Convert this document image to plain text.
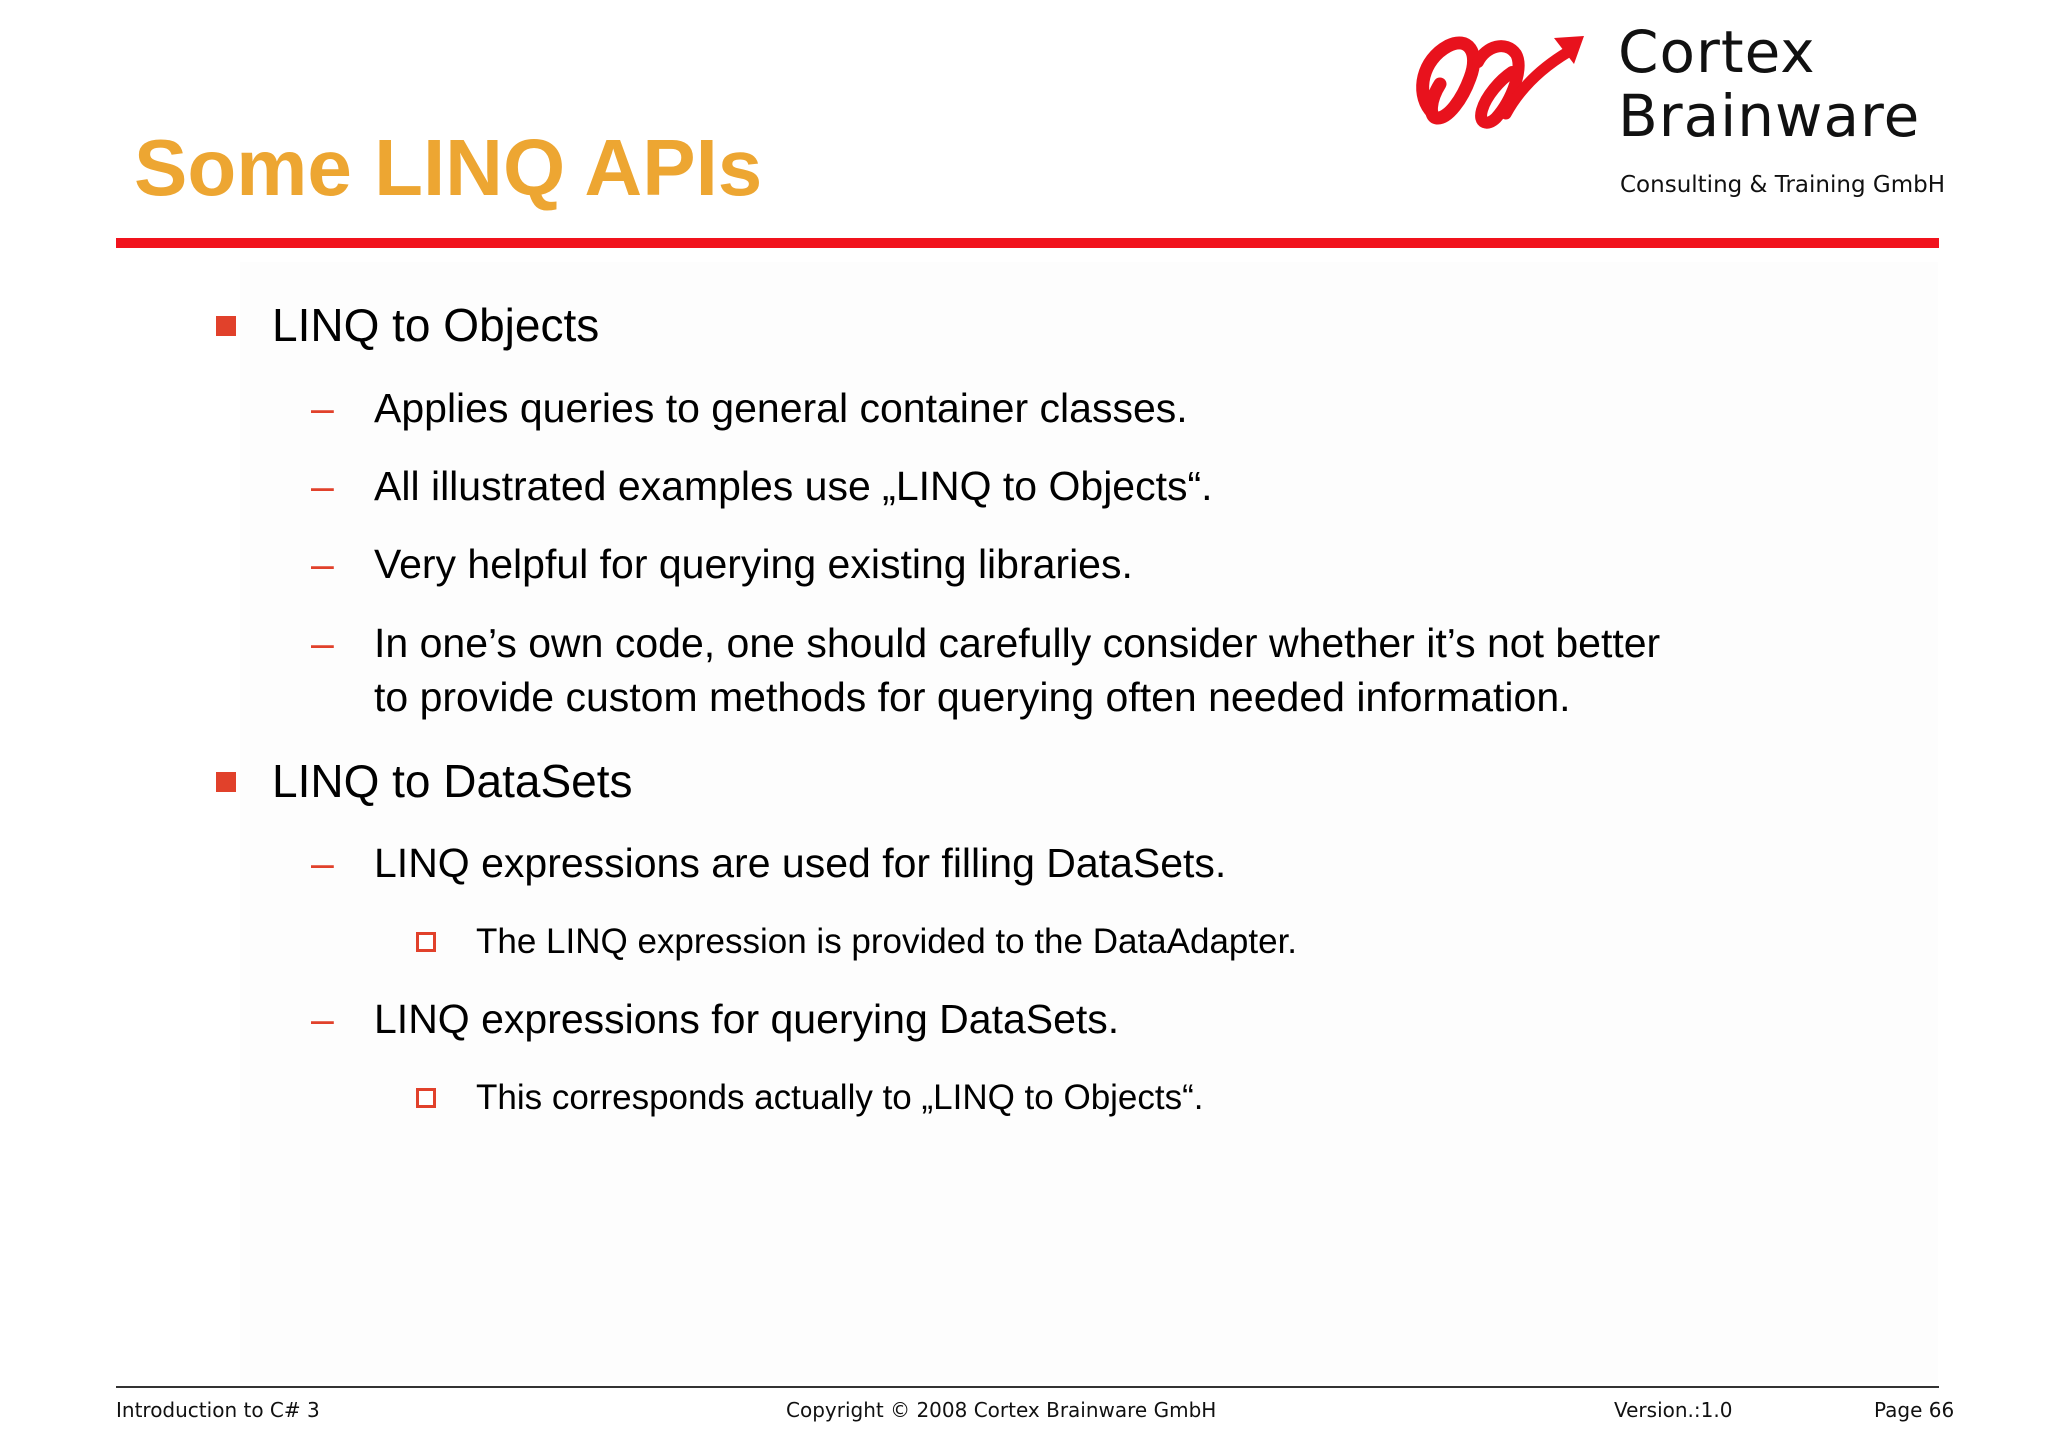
Some LINQ APIs
Cortex
Brainware
Consulting & Training GmbH
LINQ to Objects
– Applies queries to general container classes.
– All illustrated examples use „LINQ to Objects“.
– Very helpful for querying existing libraries.
– In one’s own code, one should carefully consider whether it’s not better
to provide custom methods for querying often needed information.
LINQ to DataSets
– LINQ expressions are used for filling DataSets.
The LINQ expression is provided to the DataAdapter.
– LINQ expressions for querying DataSets.
This corresponds actually to „LINQ to Objects“.
Introduction to C# 3	Copyright © 2008 Cortex Brainware GmbH	Version.:1.0	Page 66
